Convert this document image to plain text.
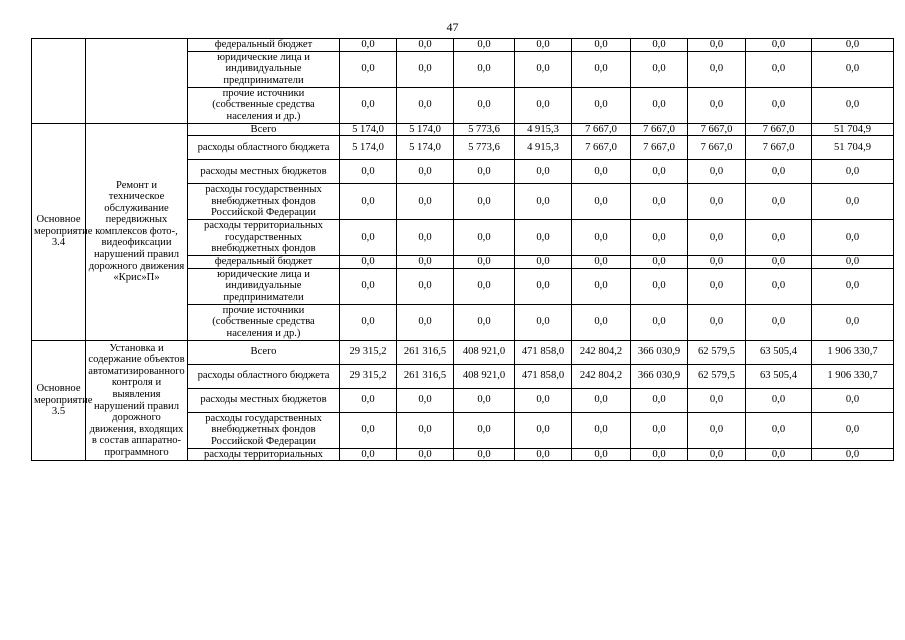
47
		федеральный бюджет	0,0	0,0	0,0	0,0	0,0	0,0	0,0	0,0	0,0
		юридические лица и индивидуальные предприниматели	0,0	0,0	0,0	0,0	0,0	0,0	0,0	0,0	0,0
		прочие источники (собственные средства населения и др.)	0,0	0,0	0,0	0,0	0,0	0,0	0,0	0,0	0,0
Основное мероприятие 3.4	Ремонт и техническое обслуживание передвижных комплексов фото-, видеофиксации нарушений правил дорожного движения «Крис»П»	Всего	5 174,0	5 174,0	5 773,6	4 915,3	7 667,0	7 667,0	7 667,0	7 667,0	51 704,9
		расходы областного бюджета	5 174,0	5 174,0	5 773,6	4 915,3	7 667,0	7 667,0	7 667,0	7 667,0	51 704,9
		расходы местных бюджетов	0,0	0,0	0,0	0,0	0,0	0,0	0,0	0,0	0,0
		расходы государственных внебюджетных фондов Российской Федерации	0,0	0,0	0,0	0,0	0,0	0,0	0,0	0,0	0,0
		расходы территориальных государственных внебюджетных фондов	0,0	0,0	0,0	0,0	0,0	0,0	0,0	0,0	0,0
		федеральный бюджет	0,0	0,0	0,0	0,0	0,0	0,0	0,0	0,0	0,0
		юридические лица и индивидуальные предприниматели	0,0	0,0	0,0	0,0	0,0	0,0	0,0	0,0	0,0
		прочие источники (собственные средства населения и др.)	0,0	0,0	0,0	0,0	0,0	0,0	0,0	0,0	0,0
Основное мероприятие 3.5	Установка и содержание объектов автоматизированного контроля и выявления нарушений правил дорожного движения, входящих в состав аппаратно-программного	Всего	29 315,2	261 316,5	408 921,0	471 858,0	242 804,2	366 030,9	62 579,5	63 505,4	1 906 330,7
		расходы областного бюджета	29 315,2	261 316,5	408 921,0	471 858,0	242 804,2	366 030,9	62 579,5	63 505,4	1 906 330,7
		расходы местных бюджетов	0,0	0,0	0,0	0,0	0,0	0,0	0,0	0,0	0,0
		расходы государственных внебюджетных фондов Российской Федерации	0,0	0,0	0,0	0,0	0,0	0,0	0,0	0,0	0,0
		расходы территориальных	0,0	0,0	0,0	0,0	0,0	0,0	0,0	0,0	0,0
